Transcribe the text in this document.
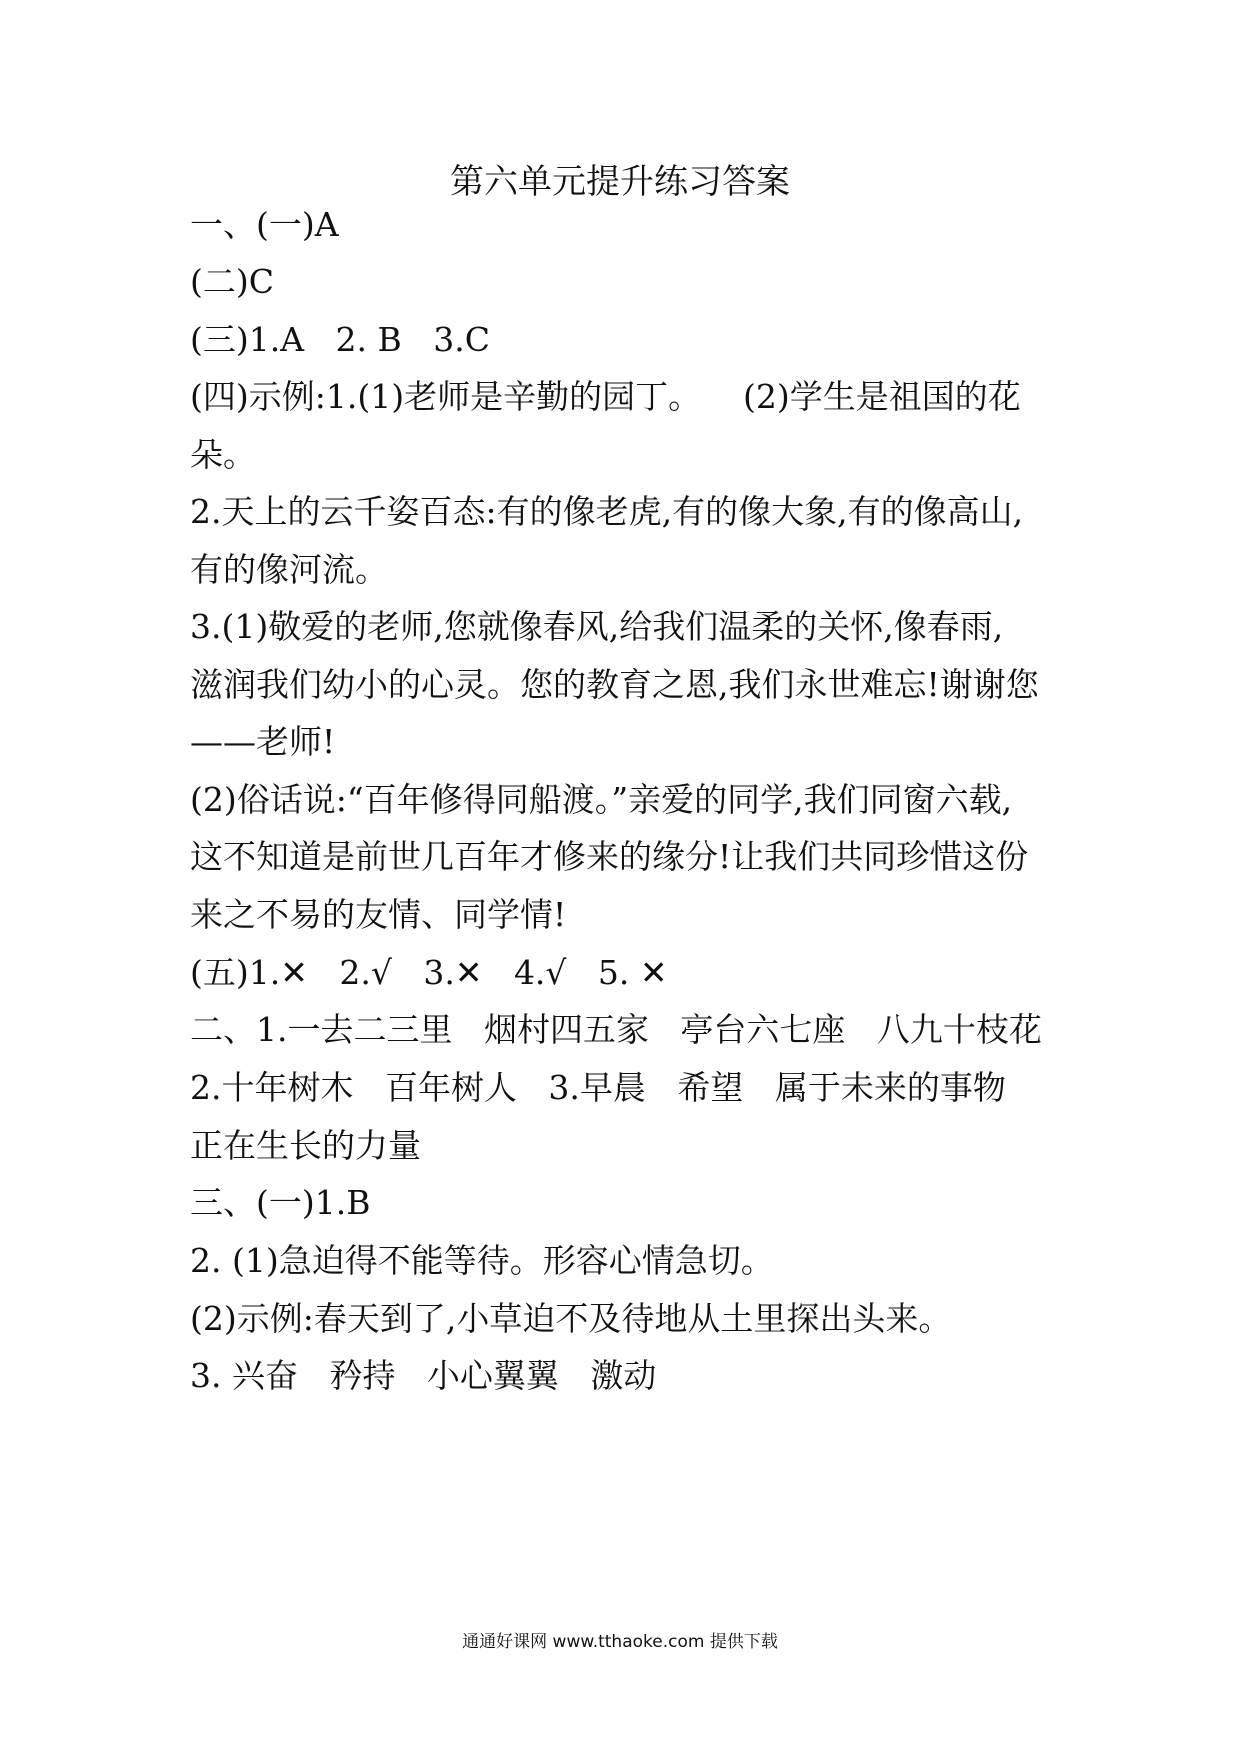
第六单元提升练习答案
一、(一)A
(二)C
(三)1.A   2. B   3.C
(四)示例:1.(1)老师是辛勤的园丁。    (2)学生是祖国的花
朵。
2.天上的云千姿百态:有的像老虎,有的像大象,有的像高山,
有的像河流。
3.(1)敬爱的老师,您就像春风,给我们温柔的关怀,像春雨,
滋润我们幼小的心灵。您的教育之恩,我们永世难忘!谢谢您
——老师!
(2)俗话说:“百年修得同船渡。”亲爱的同学,我们同窗六载,
这不知道是前世几百年才修来的缘分!让我们共同珍惜这份
来之不易的友情、同学情!
(五)1.✕   2.√   3.✕   4.√   5. ✕
二、1.一去二三里   烟村四五家   亭台六七座   八九十枝花
2.十年树木   百年树人   3.早晨   希望   属于未来的事物
正在生长的力量
三、(一)1.B
2. (1)急迫得不能等待。形容心情急切。
(2)示例:春天到了,小草迫不及待地从土里探出头来。
3. 兴奋   矜持   小心翼翼   激动
通通好课网 www.tthaoke.com 提供下载
